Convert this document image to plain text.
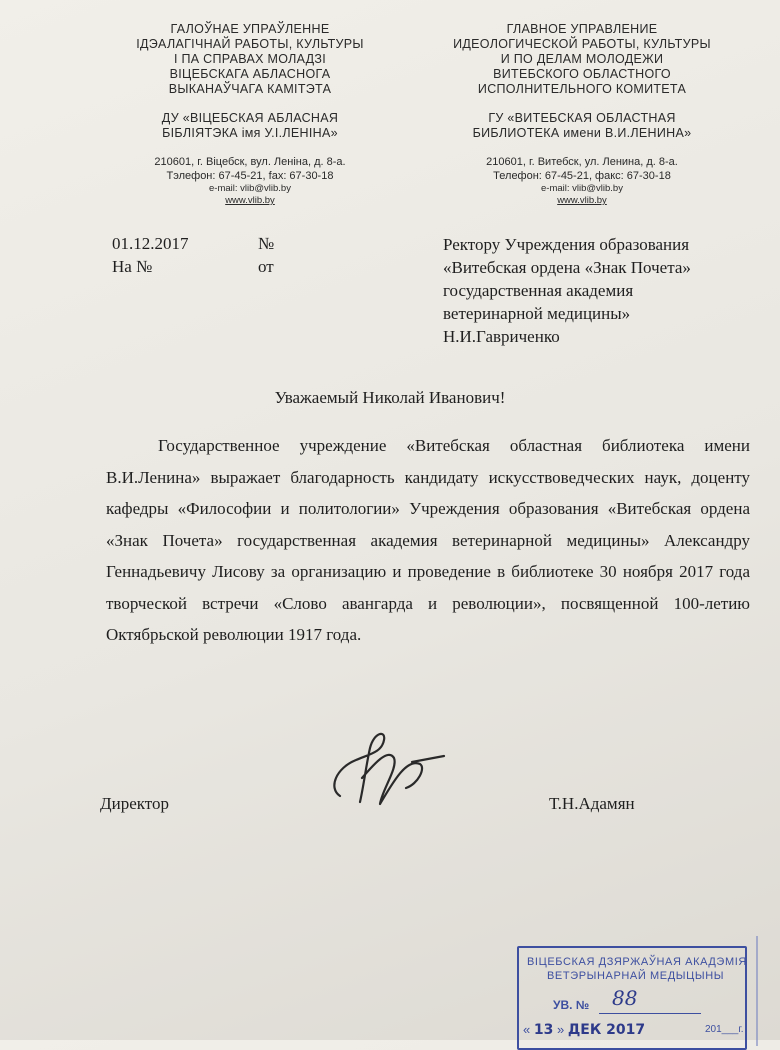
ГАЛОЎНАЕ УПРАЎЛЕННЕ
ІДЭАЛАГІЧНАЙ РАБОТЫ, КУЛЬТУРЫ
І ПА СПРАВАХ МОЛАДЗІ
ВІЦЕБСКАГА АБЛАСНОГА
ВЫКАНАЎЧАГА КАМІТЭТА
ДУ «ВІЦЕБСКАЯ АБЛАСНАЯ
БІБЛІЯТЭКА імя У.І.ЛЕНІНА»
210601, г. Віцебск, вул. Леніна, д. 8-а.
Тэлефон: 67-45-21, fax: 67-30-18
e-mail: vlib@vlib.by
www.vlib.by
ГЛАВНОЕ УПРАВЛЕНИЕ
ИДЕОЛОГИЧЕСКОЙ РАБОТЫ, КУЛЬТУРЫ
И ПО ДЕЛАМ МОЛОДЕЖИ
ВИТЕБСКОГО ОБЛАСТНОГО
ИСПОЛНИТЕЛЬНОГО КОМИТЕТА
ГУ «ВИТЕБСКАЯ ОБЛАСТНАЯ
БИБЛИОТЕКА имени В.И.ЛЕНИНА»
210601, г. Витебск, ул. Ленина, д. 8-а.
Телефон: 67-45-21, факс: 67-30-18
e-mail: vlib@vlib.by
www.vlib.by
01.12.2017	№
На №	от
Ректору Учреждения образования
«Витебская ордена «Знак Почета»
государственная академия
ветеринарной медицины»
Н.И.Гавриченко
Уважаемый Николай Иванович!
Государственное учреждение «Витебская областная библиотека имени В.И.Ленина» выражает благодарность кандидату искусствоведческих наук, доценту кафедры «Философии и политологии» Учреждения образования «Витебская ордена «Знак Почета» государственная академия ветеринарной медицины» Александру Геннадьевичу Лисову за организацию и проведение в библиотеке 30 ноября 2017 года творческой встречи «Слово авангарда и революции», посвященной 100-летию Октябрьской революции 1917 года.
Директор	Т.Н.Адамян
ВІЦЕБСКАЯ ДЗЯРЖАЎНАЯ АКАДЭМІЯ
ВЕТЭРЫНАРНАЙ МЕДЫЦЫНЫ
УВ. № 88
« 13 » ДЕК 2017	201___г.
